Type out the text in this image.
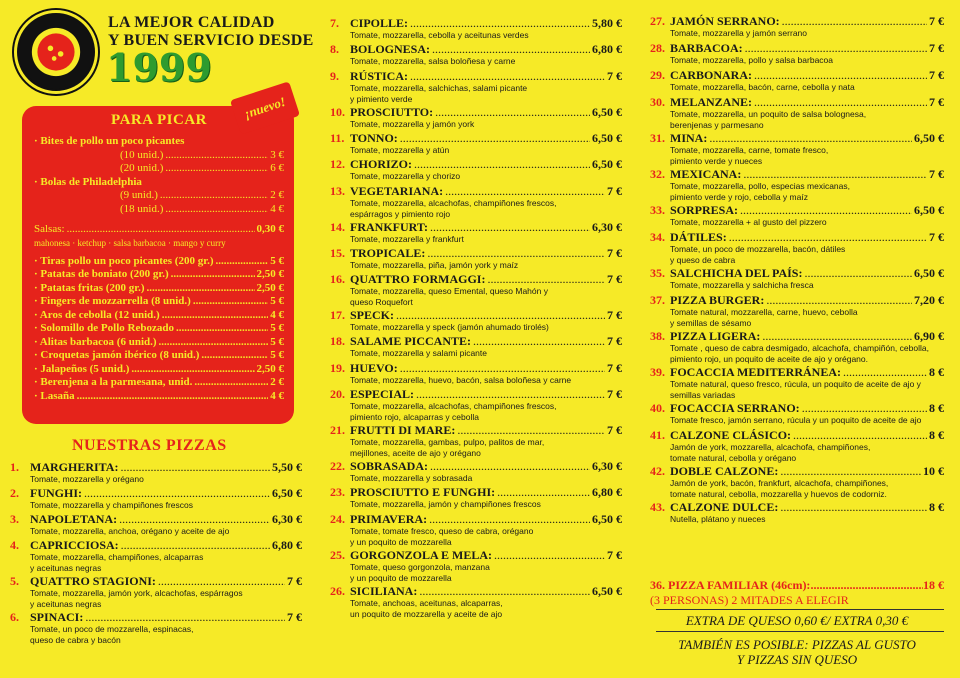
LA MEJOR CALIDAD
Y BUEN SERVICIO DESDE
1999
PARA PICAR
· Bites de pollo un poco picantes
(10 unid.) .....	3 €
(20 unid.) .....	6 €
· Bolas de Philadelphia
(9 unid.) .....	2 €
(18 unid.) .....	4 €
Salsas: .....	0,30 €
mahonesa · ketchup · salsa barbacoa · mango y curry
· Tiras pollo un poco picantes (200 gr.) .....	5 €
· Patatas de boniato (200 gr.) .....	2,50 €
· Patatas fritas (200 gr.) .....	2,50 €
· Fingers de mozzarrella (8 unid.) .....	5 €
· Aros de cebolla (12 unid.) .....	4 €
· Solomillo de Pollo Rebozado .....	5 €
· Alitas barbacoa (6 unid.) .....	5 €
· Croquetas jamón ibérico (8 unid.) .....	5 €
· Jalapeños (5 unid.) .....	2,50 €
· Berenjena a la parmesana, unid. .....	2 €
· Lasaña .....	4 €
¡nuevo!
NUESTRAS PIZZAS
1. MARGHERITA: .....	5,50 €
Tomate, mozzarella y orégano
2. FUNGHI: .....	6,50 €
Tomate, mozzarella y champiñones frescos
3. NAPOLETANA: .....	6,30 €
Tomate, mozzarella, anchoa, orégano y aceite de ajo
4. CAPRICCIOSA: .....	6,80 €
Tomate, mozzarella, champiñones, alcaparras
y aceitunas negras
5. QUATTRO STAGIONI: .....	7 €
Tomate, mozzarella, jamón york, alcachofas, espárragos
y aceitunas negras
6. SPINACI: .....	7 €
Tomate, un poco de mozzarella, espinacas,
queso de cabra y bacón
7. CIPOLLE: .....	5,80 €
Tomate, mozzarella, cebolla y aceitunas verdes
8. BOLOGNESA: .....	6,80 €
Tomate, mozzarella, salsa boloñesa y carne
9. RÚSTICA: .....	7 €
Tomate, mozzarella, salchichas, salami picante
y pimiento verde
10. PROSCIUTTO: .....	6,50 €
Tomate, mozzarella y jamón york
11. TONNO: .....	6,50 €
Tomate, mozzarella y atún
12. CHORIZO: .....	6,50 €
Tomate, mozzarella y chorizo
13. VEGETARIANA: .....	7 €
Tomate, mozzarella, alcachofas, champiñones frescos,
espárragos y pimiento rojo
14. FRANKFURT: .....	6,30 €
Tomate, mozzarella y frankfurt
15. TROPICALE: .....	7 €
Tomate, mozzarella, piña, jamón york y maíz
16. QUATTRO FORMAGGI: .....	7 €
Tomate, mozzarella, queso Emental, queso Mahón y
queso Roquefort
17. SPECK: .....	7 €
Tomate, mozzarella y speck (jamón ahumado tirolés)
18. SALAME PICCANTE: .....	7 €
Tomate, mozzarella y salami picante
19. HUEVO: .....	7 €
Tomate, mozzarella, huevo, bacón, salsa boloñesa y carne
20. ESPECIAL: .....	7 €
Tomate, mozzarella, alcachofas, champiñones frescos,
pimiento rojo, alcaparras y cebolla
21. FRUTTI DI MARE: .....	7 €
Tomate, mozzarella, gambas, pulpo, palitos de mar,
mejillones, aceite de ajo y orégano
22. SOBRASADA: .....	6,30 €
Tomate, mozzarella y sobrasada
23. PROSCIUTTO E FUNGHI: .....	6,80 €
Tomate, mozzarella, jamón y champiñones frescos
24. PRIMAVERA: .....	6,50 €
Tomate, tomate fresco, queso de cabra, orégano
y un poquito de mozzarella
25. GORGONZOLA E MELA: .....	7 €
Tomate, queso gorgonzola, manzana
y un poquito de mozzarella
26. SICILIANA: .....	6,50 €
Tomate, anchoas, aceitunas, alcaparras,
un poquito de mozzarella y aceite de ajo
27. JAMÓN SERRANO: .....	7 €
Tomate, mozzarella y jamón serrano
28. BARBACOA: .....	7 €
Tomate, mozzarella, pollo y salsa barbacoa
29. CARBONARA: .....	7 €
Tomate, mozzarella, bacón, carne, cebolla y nata
30. MELANZANE: .....	7 €
Tomate, mozzarella, un poquito de salsa bolognesa,
berenjenas y parmesano
31. MINA: .....	6,50 €
Tomate, mozzarella, carne, tomate fresco,
pimiento verde y nueces
32. MEXICANA: .....	7 €
Tomate, mozzarella, pollo, especias mexicanas,
pimiento verde y rojo, cebolla y maíz
33. SORPRESA: .....	6,50 €
Tomate, mozzarella + al gusto del pizzero
34. DÁTILES: .....	7 €
Tomate, un poco de mozzarella, bacón, dátiles
y queso de cabra
35. SALCHICHA DEL PAÍS: .....	6,50 €
Tomate, mozzarella y salchicha fresca
37. PIZZA BURGER: .....	7,20 €
Tomate natural, mozzarella, carne, huevo, cebolla
y semillas de sésamo
38. PIZZA LIGERA: .....	6,90 €
Tomate , queso de cabra desmigado, alcachofa, champiñón, cebolla,
pimiento rojo, un poquito de aceite de ajo y orégano.
39. FOCACCIA MEDITERRÁNEA: .....	8 €
Tomate natural, queso fresco, rúcula, un poquito de aceite de ajo y
semillas variadas
40. FOCACCIA SERRANO: .....	8 €
Tomate fresco, jamón serrano, rúcula y un poquito de aceite de ajo
41. CALZONE CLÁSICO: .....	8 €
Jamón de york, mozzarella, alcachofa, champiñones,
tomate natural, cebolla y orégano
42. DOBLE CALZONE: .....	10 €
Jamón de york, bacón, frankfurt, alcachofa, champiñones,
tomate natural, cebolla, mozzarella y huevos de codorniz.
43. CALZONE DULCE: .....	8 €
Nutella, plátano y nueces
36. PIZZA FAMILIAR (46cm): .....	18 €
(3 PERSONAS) 2 MITADES A ELEGIR
EXTRA DE QUESO 0,60 €/ EXTRA 0,30 €
TAMBIÉN ES POSIBLE: PIZZAS AL GUSTO
Y PIZZAS SIN QUESO
